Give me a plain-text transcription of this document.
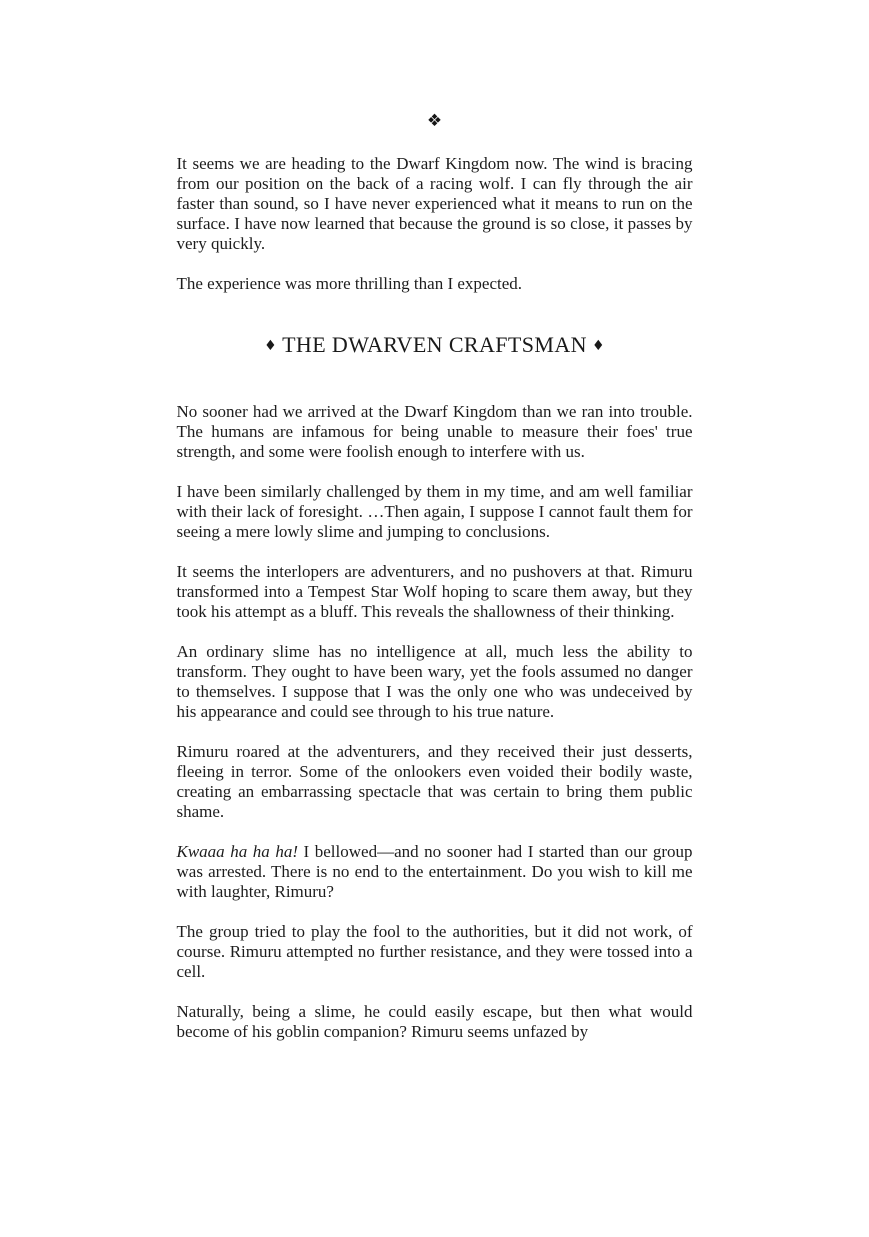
❖

It seems we are heading to the Dwarf Kingdom now. The wind is bracing from our position on the back of a racing wolf. I can fly through the air faster than sound, so I have never experienced what it means to run on the surface. I have now learned that because the ground is so close, it passes by very quickly.

The experience was more thrilling than I expected.

♦ THE DWARVEN CRAFTSMAN ♦

No sooner had we arrived at the Dwarf Kingdom than we ran into trouble. The humans are infamous for being unable to measure their foes' true strength, and some were foolish enough to interfere with us.

I have been similarly challenged by them in my time, and am well familiar with their lack of foresight. …Then again, I suppose I cannot fault them for seeing a mere lowly slime and jumping to conclusions.

It seems the interlopers are adventurers, and no pushovers at that. Rimuru transformed into a Tempest Star Wolf hoping to scare them away, but they took his attempt as a bluff. This reveals the shallowness of their thinking.

An ordinary slime has no intelligence at all, much less the ability to transform. They ought to have been wary, yet the fools assumed no danger to themselves. I suppose that I was the only one who was undeceived by his appearance and could see through to his true nature.

Rimuru roared at the adventurers, and they received their just desserts, fleeing in terror. Some of the onlookers even voided their bodily waste, creating an embarrassing spectacle that was certain to bring them public shame.

Kwaaa ha ha ha! I bellowed—and no sooner had I started than our group was arrested. There is no end to the entertainment. Do you wish to kill me with laughter, Rimuru?

The group tried to play the fool to the authorities, but it did not work, of course. Rimuru attempted no further resistance, and they were tossed into a cell.

Naturally, being a slime, he could easily escape, but then what would become of his goblin companion? Rimuru seems unfazed by
